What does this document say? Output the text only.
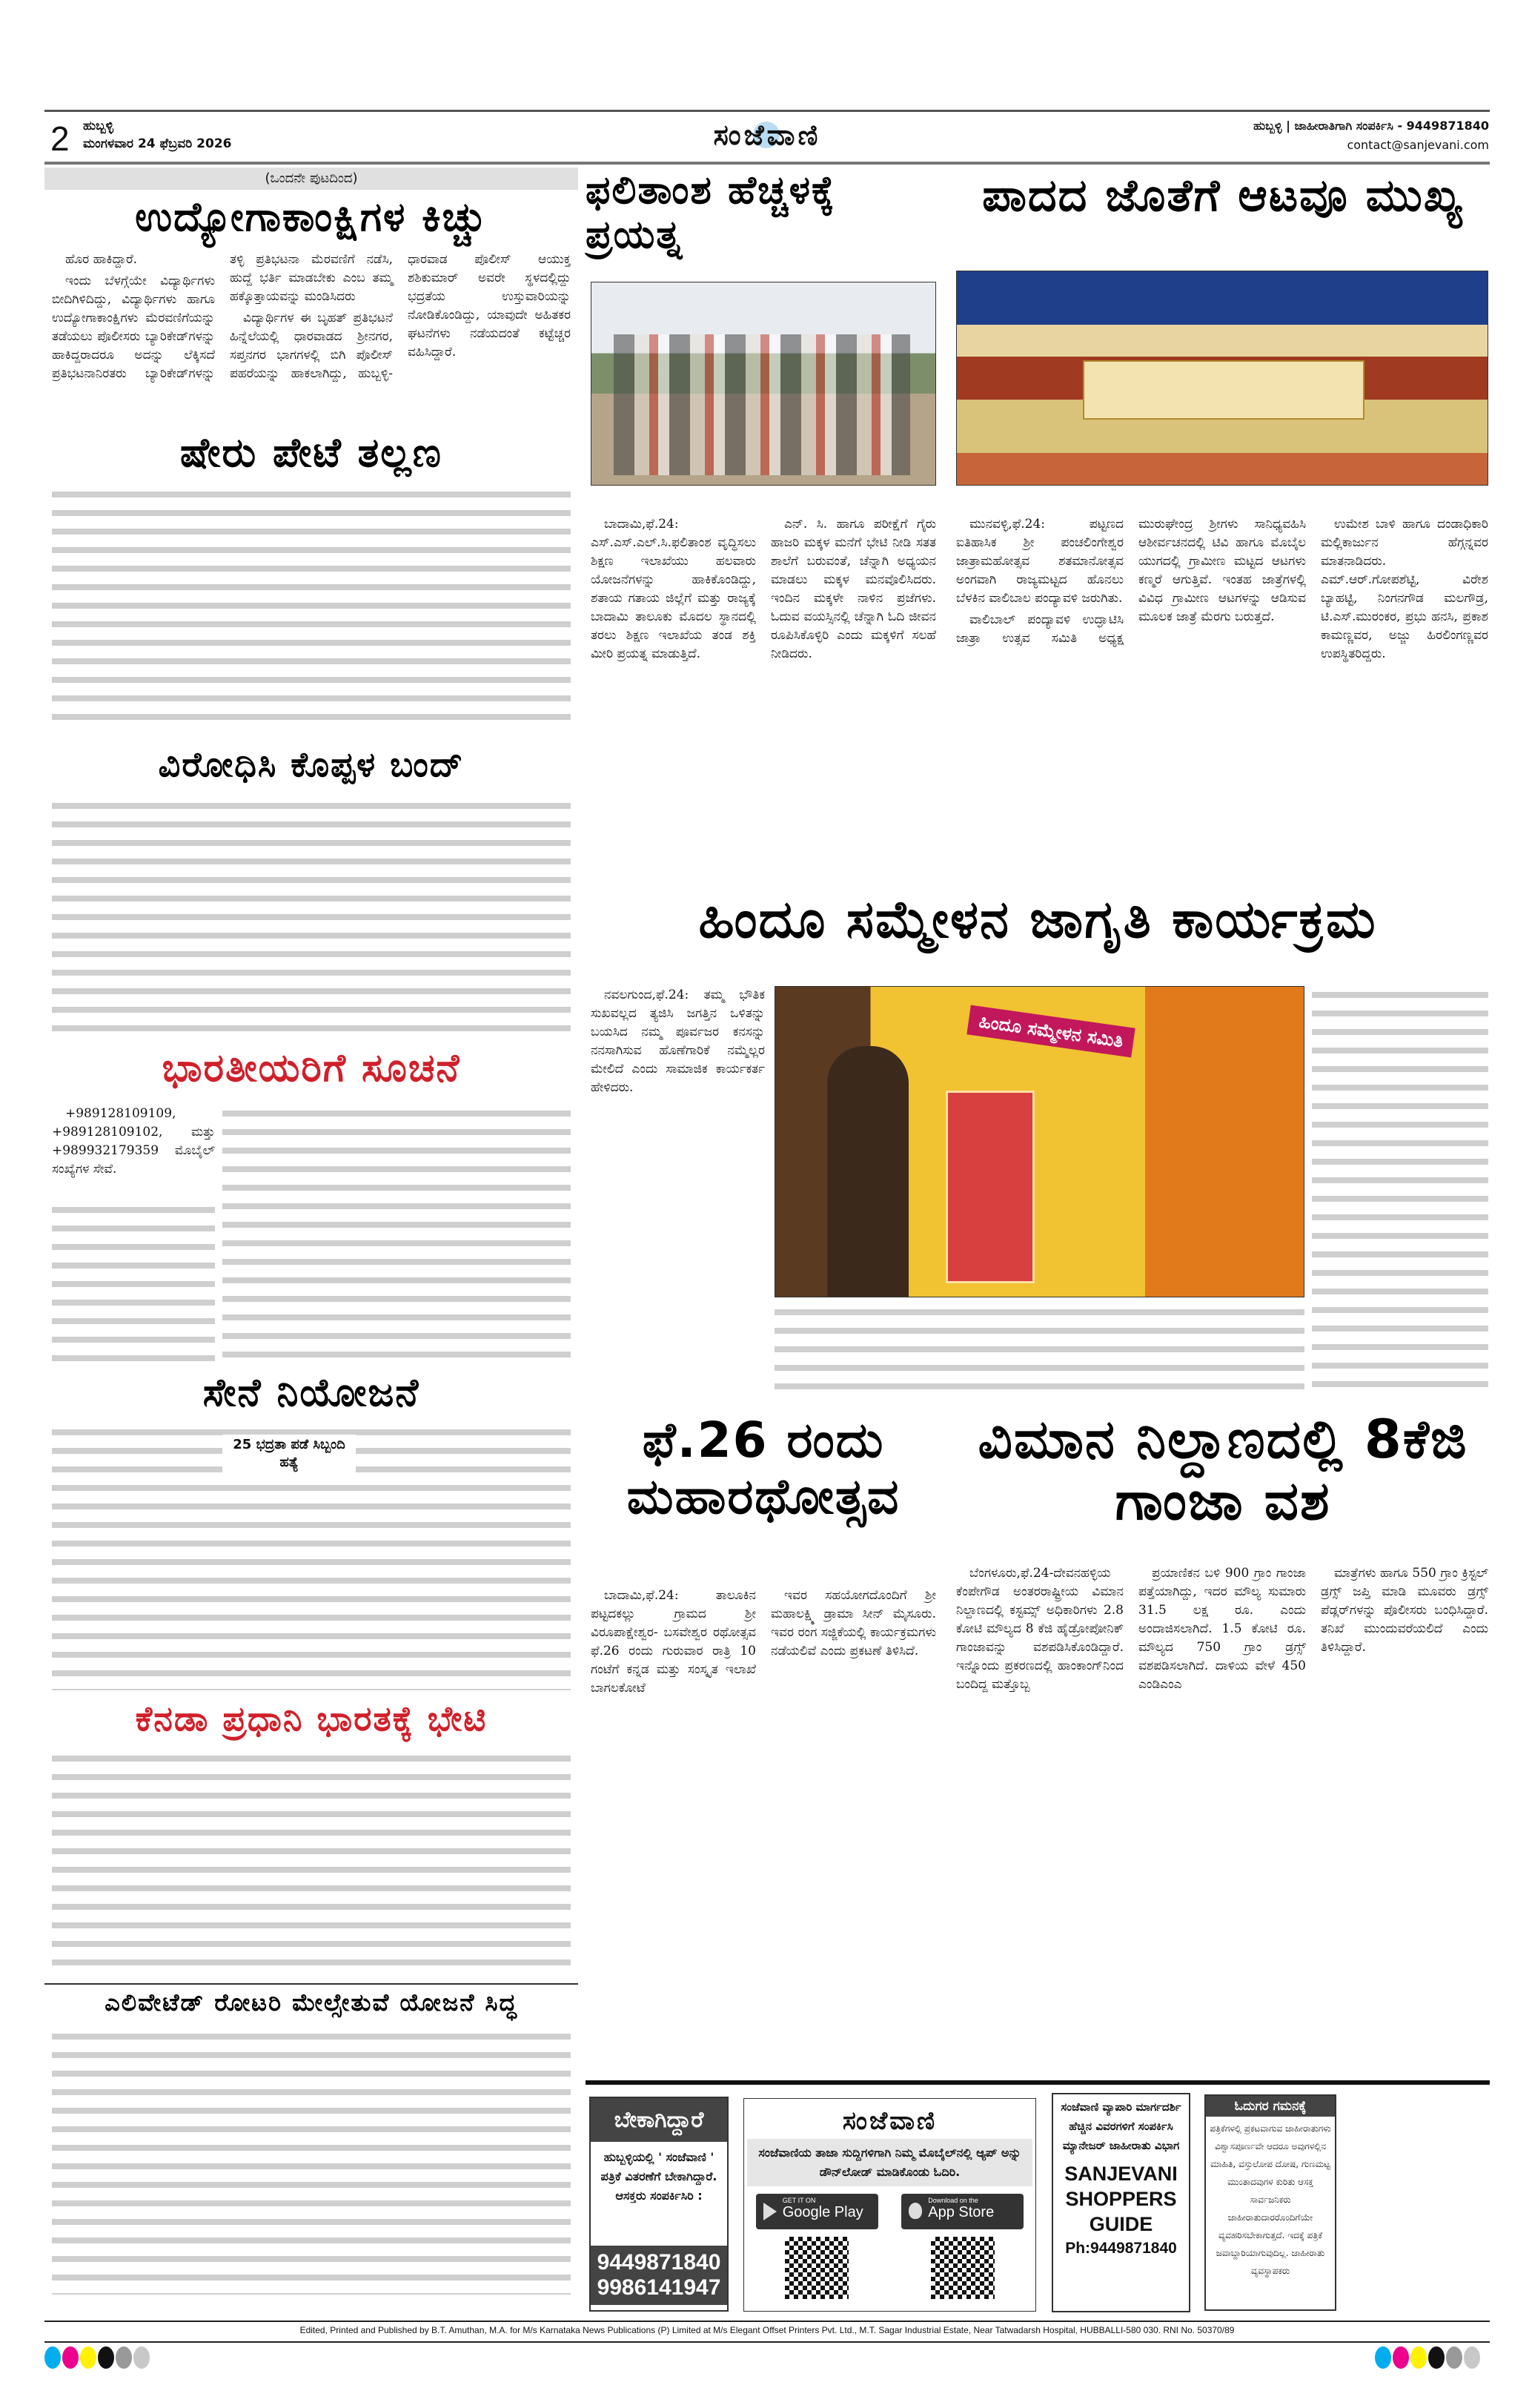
2 ಹುಬ್ಬಳ್ಳಿ
ಮಂಗಳವಾರ 24 ಫೆಬ್ರವರಿ 2026	ಸಂಜೆವಾಣಿ	ಹುಬ್ಬಳ್ಳಿ | ಜಾಹೀರಾತಿಗಾಗಿ ಸಂಪರ್ಕಿಸಿ - 9449871840
contact@sanjevani.com
(ಒಂದನೇ ಪುಟದಿಂದ)
ಉದ್ಯೋಗಾಕಾಂಕ್ಷಿಗಳ ಕಿಚ್ಚು

ಹೊರ ಹಾಕಿದ್ದಾರೆ.

ಇಂದು ಬೆಳಗ್ಗೆಯೇ ವಿದ್ಯಾರ್ಥಿಗಳು ಬೀದಿಗಿಳಿದಿದ್ದು, ವಿದ್ಯಾರ್ಥಿಗಳು ಹಾಗೂ ಉದ್ಯೋಗಾಕಾಂಕ್ಷಿಗಳು ಮೆರವಣಿಗೆಯನ್ನು ತಡೆಯಲು ಪೊಲೀಸರು ಬ್ಯಾರಿಕೇಡ್‌ಗಳನ್ನು ಹಾಕಿದ್ದರಾದರೂ ಅದನ್ನು ಲೆಕ್ಕಿಸದೆ ಪ್ರತಿಭಟನಾನಿರತರು ಬ್ಯಾರಿಕೇಡ್‌ಗಳನ್ನು ತಳ್ಳಿ ಪ್ರತಿಭಟನಾ ಮೆರವಣಿಗೆ ನಡೆಸಿ, ಹುದ್ದೆ ಭರ್ತಿ ಮಾಡಬೇಕು ಎಂಬ ತಮ್ಮ ಹಕ್ಕೊತ್ತಾಯವನ್ನು ಮಂಡಿಸಿದರು

ವಿದ್ಯಾರ್ಥಿಗಳ ಈ ಬೃಹತ್ ಪ್ರತಿಭಟನೆ ಹಿನ್ನೆಲೆಯಲ್ಲಿ ಧಾರವಾಡದ ಶ್ರೀನಗರ, ಸಪ್ತನಗರ ಭಾಗಗಳಲ್ಲಿ ಬಿಗಿ ಪೊಲೀಸ್ ಪಹರೆಯನ್ನು ಹಾಕಲಾಗಿದ್ದು, ಹುಬ್ಬಳ್ಳಿ-ಧಾರವಾಡ ಪೊಲೀಸ್ ಆಯುಕ್ತ ಶಶಿಕುಮಾರ್ ಅವರೇ ಸ್ಥಳದಲ್ಲಿದ್ದು ಭದ್ರತೆಯ ಉಸ್ತುವಾರಿಯನ್ನು ನೋಡಿಕೊಂಡಿದ್ದು, ಯಾವುದೇ ಅಹಿತಕರ ಘಟನೆಗಳು ನಡೆಯದಂತೆ ಕಟ್ಟೆಚ್ಚರ ವಹಿಸಿದ್ದಾರೆ.

ಷೇರು ಪೇಟೆ ತಲ್ಲಣ
ವಿರೋಧಿಸಿ ಕೊಪ್ಪಳ ಬಂದ್
ಭಾರತೀಯರಿಗೆ ಸೂಚನೆ

+989128109109, +989128109102, ಮತ್ತು +989932179359 ಮೊಬೈಲ್ ಸಂಖ್ಯೆಗಳ ಸೇವೆ.

ಸೇನೆ ನಿಯೋಜನೆ
ಕೆನಡಾ ಪ್ರಧಾನಿ ಭಾರತಕ್ಕೆ ಭೇಟಿ
ಎಲಿವೇಟೆಡ್ ರೋಟರಿ ಮೇಲ್ಸೇತುವೆ ಯೋಜನೆ ಸಿದ್ಧ
25 ಭದ್ರತಾ ಪಡೆ ಸಿಬ್ಬಂದಿ ಹತ್ಯೆ
ಫಲಿತಾಂಶ ಹೆಚ್ಚಳಕ್ಕೆ ಪ್ರಯತ್ನ
ಪಾದದ ಜೊತೆಗೆ ಆಟವೂ ಮುಖ್ಯ

ಬಾದಾಮಿ,ಫೆ.24: ಎಸ್.ಎಸ್.ಎಲ್.ಸಿ.ಫಲಿತಾಂಶ ವೃದ್ಧಿಸಲು ಶಿಕ್ಷಣ ಇಲಾಖೆಯು ಹಲವಾರು ಯೋಜನೆಗಳನ್ನು ಹಾಕಿಕೊಂಡಿದ್ದು, ಶತಾಯ ಗತಾಯ ಜಿಲ್ಲೆಗೆ ಮತ್ತು ರಾಜ್ಯಕ್ಕೆ ಬಾದಾಮಿ ತಾಲೂಕು ಮೊದಲ ಸ್ಥಾನದಲ್ಲಿ ತರಲು ಶಿಕ್ಷಣ ಇಲಾಖೆಯ ತಂಡ ಶಕ್ತಿ ಮೀರಿ ಪ್ರಯತ್ನ ಮಾಡುತ್ತಿದೆ.

ಎನ್. ಸಿ. ಹಾಗೂ ಪರೀಕ್ಷೆಗೆ ಗೈರು ಹಾಜರಿ ಮಕ್ಕಳ ಮನೆಗೆ ಭೇಟಿ ನೀಡಿ ಸತತ ಶಾಲೆಗೆ ಬರುವಂತೆ, ಚೆನ್ನಾಗಿ ಅಧ್ಯಯನ ಮಾಡಲು ಮಕ್ಕಳ ಮನವೊಲಿಸಿದರು. ಇಂದಿನ ಮಕ್ಕಳೇ ನಾಳಿನ ಪ್ರಜೆಗಳು. ಓದುವ ವಯಸ್ಸಿನಲ್ಲಿ ಚೆನ್ನಾಗಿ ಓದಿ ಜೀವನ ರೂಪಿಸಿಕೊಳ್ಳಿರಿ ಎಂದು ಮಕ್ಕಳಿಗೆ ಸಲಹೆ ನೀಡಿದರು.

ಮುನವಳ್ಳಿ,ಫೆ.24: ಪಟ್ಟಣದ ಐತಿಹಾಸಿಕ ಶ್ರೀ ಪಂಚಲಿಂಗೇಶ್ವರ ಜಾತ್ರಾಮಹೋತ್ಸವ ಶತಮಾನೋತ್ಸವ ಅಂಗವಾಗಿ ರಾಜ್ಯಮಟ್ಟದ ಹೊನಲು ಬೆಳಕಿನ ವಾಲಿಬಾಲ ಪಂದ್ಯಾವಳಿ ಜರುಗಿತು.

ವಾಲಿಬಾಲ್ ಪಂದ್ಯಾವಳಿ ಉದ್ಘಾಟಿಸಿ ಜಾತ್ರಾ ಉತ್ಸವ ಸಮಿತಿ ಅಧ್ಯಕ್ಷ ಮುರುಘೇಂದ್ರ ಶ್ರೀಗಳು ಸಾನಿಧ್ಯವಹಿಸಿ ಆಶೀರ್ವಚನದಲ್ಲಿ ಟಿವಿ ಹಾಗೂ ಮೊಬೈಲ ಯುಗದಲ್ಲಿ ಗ್ರಾಮೀಣ ಮಟ್ಟದ ಆಟಗಳು ಕಣ್ಮರೆ ಆಗುತ್ತಿವೆ. ಇಂತಹ ಜಾತ್ರೆಗಳಲ್ಲಿ ವಿವಿಧ ಗ್ರಾಮೀಣ ಆಟಗಳನ್ನು ಆಡಿಸುವ ಮೂಲಕ ಜಾತ್ರೆ ಮೆರಗು ಬರುತ್ತದೆ.

ಉಮೇಶ ಬಾಳಿ ಹಾಗೂ ದಂಡಾಧಿಕಾರಿ ಮಲ್ಲಿಕಾರ್ಜುನ ಹೆಗ್ಗನ್ನವರ ಮಾತನಾಡಿದರು. ಎಮ್.ಆರ್.ಗೋಪಶೆಟ್ಟಿ, ವಿರೇಶ ಬ್ಯಾಹಟ್ಟಿ, ನಿಂಗನಗೌಡ ಮಲಗೌಡ್ರ, ಟಿ.ಎಸ್.ಮುರಂಕರ, ಪ್ರಭು ಹನಸಿ, ಪ್ರಕಾಶ ಕಾಮಣ್ಣವರ, ಅಜ್ಜು ಹಿರಲಿಂಗಣ್ಣವರ ಉಪಸ್ಥಿತರಿದ್ದರು.

ಹಿಂದೂ ಸಮ್ಮೇಳನ ಜಾಗೃತಿ ಕಾರ್ಯಕ್ರಮ

ನವಲಗುಂದ,ಫೆ.24: ತಮ್ಮ ಭೌತಿಕ ಸುಖವಲ್ಲದ ತ್ಯಜಿಸಿ ಜಗತ್ತಿನ ಒಳಿತನ್ನು ಬಯಸಿದ ನಮ್ಮ ಪೂರ್ವಜರ ಕನಸನ್ನು ನನಸಾಗಿಸುವ ಹೊಣೆಗಾರಿಕೆ ನಮ್ಮೆಲ್ಲರ ಮೇಲಿದೆ ಎಂದು ಸಾಮಾಜಿಕ ಕಾರ್ಯಕರ್ತ ಹೇಳಿದರು.

ಹಿಂದೂ ಸಮ್ಮೇಳನ ಸಮಿತಿ
ಫೆ.26 ರಂದು ಮಹಾರಥೋತ್ಸವ
ವಿಮಾನ ನಿಲ್ದಾಣದಲ್ಲಿ 8ಕೆಜಿ ಗಾಂಜಾ ವಶ

ಬಾದಾಮಿ,ಫೆ.24: ತಾಲೂಕಿನ ಪಟ್ಟದಕಲ್ಲು ಗ್ರಾಮದ ಶ್ರೀ ವಿರೂಪಾಕ್ಷೇಶ್ವರ- ಬಸವೇಶ್ವರ ರಥೋತ್ಸವ ಫೆ.26 ರಂದು ಗುರುವಾರ ರಾತ್ರಿ 10 ಗಂಟೆಗೆ ಕನ್ನಡ ಮತ್ತು ಸಂಸ್ಕೃತ ಇಲಾಖೆ ಬಾಗಲಕೋಟೆ

ಇವರ ಸಹಯೋಗದೊಂದಿಗೆ ಶ್ರೀ ಮಹಾಲಕ್ಷ್ಮಿ ಡ್ರಾಮಾ ಸೀನ್ ಮೈಸೂರು. ಇವರ ರಂಗ ಸಜ್ಜಿಕೆಯಲ್ಲಿ ಕಾರ್ಯಕ್ರಮಗಳು ನಡೆಯಲಿವೆ ಎಂದು ಪ್ರಕಟಣೆ ತಿಳಿಸಿದೆ.

ಬೆಂಗಳೂರು,ಫೆ.24-ದೇವನಹಳ್ಳಿಯ ಕೆಂಪೇಗೌಡ ಅಂತರರಾಷ್ಟ್ರೀಯ ವಿಮಾನ ನಿಲ್ದಾಣದಲ್ಲಿ ಕಸ್ಟಮ್ಸ್ ಅಧಿಕಾರಿಗಳು 2.8 ಕೋಟಿ ಮೌಲ್ಯದ 8 ಕೆಜಿ ಹೈಡ್ರೋಪೋನಿಕ್ ಗಾಂಜಾವನ್ನು ವಶಪಡಿಸಿಕೊಂಡಿದ್ದಾರೆ. ಇನ್ನೊಂದು ಪ್ರಕರಣದಲ್ಲಿ ಹಾಂಕಾಂಗ್‌ನಿಂದ ಬಂದಿದ್ದ ಮತ್ತೊಬ್ಬ

ಪ್ರಯಾಣಿಕನ ಬಳಿ 900 ಗ್ರಾಂ ಗಾಂಜಾ ಪತ್ತೆಯಾಗಿದ್ದು, ಇದರ ಮೌಲ್ಯ ಸುಮಾರು 31.5 ಲಕ್ಷ ರೂ. ಎಂದು ಅಂದಾಜಿಸಲಾಗಿದೆ. 1.5 ಕೋಟಿ ರೂ. ಮೌಲ್ಯದ 750 ಗ್ರಾಂ ಡ್ರಗ್ಸ್ ವಶಪಡಿಸಲಾಗಿದೆ. ದಾಳಿಯ ವೇಳೆ 450 ಎಂಡಿಎಂಎ

ಮಾತ್ರೆಗಳು ಹಾಗೂ 550 ಗ್ರಾಂ ಕ್ರಿಸ್ಟಲ್ ಡ್ರಗ್ಸ್ ಜಪ್ತಿ ಮಾಡಿ ಮೂವರು ಡ್ರಗ್ಸ್ ಪೆಡ್ಲರ್‌ಗಳನ್ನು ಪೊಲೀಸರು ಬಂಧಿಸಿದ್ದಾರೆ. ತನಿಖೆ ಮುಂದುವರೆಯಲಿದೆ ಎಂದು ತಿಳಿಸಿದ್ದಾರೆ.

ಬೇಕಾಗಿದ್ದಾರೆ
ಹುಬ್ಬಳ್ಳಿಯಲ್ಲಿ ' ಸಂಜೆವಾಣಿ ' ಪತ್ರಿಕೆ ವಿತರಣೆಗೆ ಬೇಕಾಗಿದ್ದಾರೆ. ಆಸಕ್ತರು ಸಂಪರ್ಕಿಸಿರಿ :
9449871840
9986141947
ಸಂಜೆವಾಣಿ
ಸಂಜೆವಾಣಿಯ ತಾಜಾ ಸುದ್ದಿಗಳಿಗಾಗಿ ನಿಮ್ಮ ಮೊಬೈಲ್‌ನಲ್ಲಿ ಆ್ಯಪ್ ಅನ್ನು ಡೌನ್‌ಲೋಡ್ ಮಾಡಿಕೊಂಡು ಓದಿರಿ.
GET IT ON
Google Play
Download on the
App Store
ಸಂಜೆವಾಣಿ ವ್ಯಾಪಾರಿ ಮಾರ್ಗದರ್ಶಿ ಹೆಚ್ಚಿನ ವಿವರಗಳಿಗೆ ಸಂಪರ್ಕಿಸಿ ಮ್ಯಾನೇಜರ್ ಜಾಹೀರಾತು ವಿಭಾಗ
SANJEVANI SHOPPERS GUIDE
Ph:9449871840
ಓದುಗರ ಗಮನಕ್ಕೆ
ಪತ್ರಿಕೆಗಳಲ್ಲಿ ಪ್ರಕಟವಾಗುವ ಜಾಹೀರಾತುಗಳು ವಿಶ್ವಾಸಪೂರ್ಣವೇ ಆದರೂ ಅವುಗಳಲ್ಲಿನ ಮಾಹಿತಿ, ವಸ್ತುಲೋಪ ದೋಷ, ಗುಣಮಟ್ಟ ಮುಂತಾದವುಗಳ ಕುರಿತು ಆಸಕ್ತ ಸಾರ್ವಜನಿಕರು ಜಾಹೀರಾತುದಾರರೊಂದಿಗೆಯೇ ವ್ಯವಹರಿಸಬೇಕಾಗುತ್ತದೆ. ಇದಕ್ಕೆ ಪತ್ರಿಕೆ ಜವಾಬ್ದಾರಿಯಾಗುವುದಿಲ್ಲ. ಜಾಹೀರಾತು ವ್ಯವಸ್ಥಾಪಕರು
Edited, Printed and Published by B.T. Amuthan, M.A. for M/s Karnataka News Publications (P) Limited at M/s Elegant Offset Printers Pvt. Ltd., M.T. Sagar Industrial Estate, Near Tatwadarsh Hospital, HUBBALLI-580 030. RNI No. 50370/89
